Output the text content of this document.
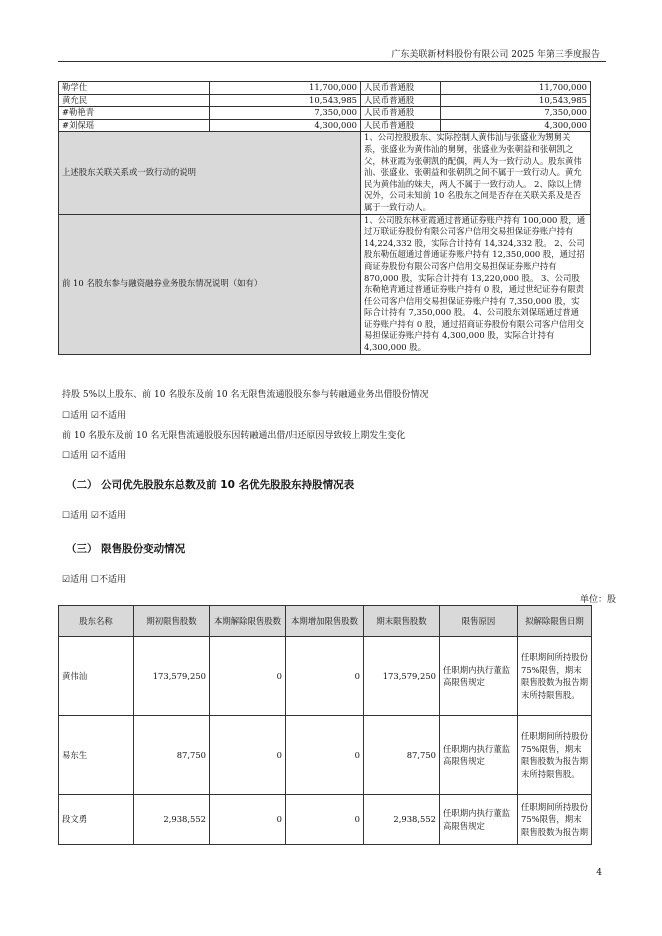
广东美联新材料股份有限公司 2025 年第三季度报告
勒学仕	11,700,000	人民币普通股	11,700,000
黄允民	10,543,985	人民币普通股	10,543,985
#勒艳青	7,350,000	人民币普通股	7,350,000
#刘保瑶	4,300,000	人民币普通股	4,300,000
上述股东关联关系或一致行动的说明		1、公司控股股东、实际控制人黄伟汕与张盛业为甥舅关系，张盛业为黄伟汕的舅舅，张盛业为张朝益和张朝凯之父，林亚霞为张朝凯的配偶，两人为一致行动人。股东黄伟汕、张盛业、张朝益和张朝凯之间不属于一致行动人。黄允民为黄伟汕的妹夫，两人不属于一致行动人。 2、除以上情况外，公司未知前 10 名股东之间是否存在关联关系及是否属于一致行动人。	
前 10 名股东参与融资融券业务股东情况说明（如有）		1、公司股东林亚霞通过普通证券账户持有 100,000 股，通过万联证券股份有限公司客户信用交易担保证券账户持有 14,224,332 股，实际合计持有 14,324,332 股。 2、公司股东勒伍超通过普通证券账户持有 12,350,000 股，通过招商证券股份有限公司客户信用交易担保证券账户持有 870,000 股，实际合计持有 13,220,000 股。 3、公司股东勒艳青通过普通证券账户持有 0 股，通过世纪证券有限责任公司客户信用交易担保证券账户持有 7,350,000 股，实际合计持有 7,350,000 股。 4、公司股东刘保瑶通过普通证券账户持有 0 股，通过招商证券股份有限公司客户信用交易担保证券账户持有 4,300,000 股，实际合计持有 4,300,000 股。	
持股 5%以上股东、前 10 名股东及前 10 名无限售流通股股东参与转融通业务出借股份情况
☐适用 ☑不适用
前 10 名股东及前 10 名无限售流通股股东因转融通出借/归还原因导致较上期发生变化
☐适用 ☑不适用
（二） 公司优先股股东总数及前 10 名优先股股东持股情况表
☐适用 ☑不适用
（三） 限售股份变动情况
☑适用 ☐不适用
单位：股
股东名称	期初限售股数	本期解除限售股数	本期增加限售股数	期末限售股数	限售原因	拟解除限售日期
黄伟汕	173,579,250	0	0	173,579,250	任职期内执行董监高限售规定	任职期间所持股份 75%限售，期末限售股数为报告期末所持限售股。
易东生	87,750	0	0	87,750	任职期内执行董监高限售规定	任职期间所持股份 75%限售，期末限售股数为报告期末所持限售股。
段文勇	2,938,552	0	0	2,938,552	任职期内执行董监高限售规定	任职期间所持股份 75%限售，期末限售股数为报告期
4
